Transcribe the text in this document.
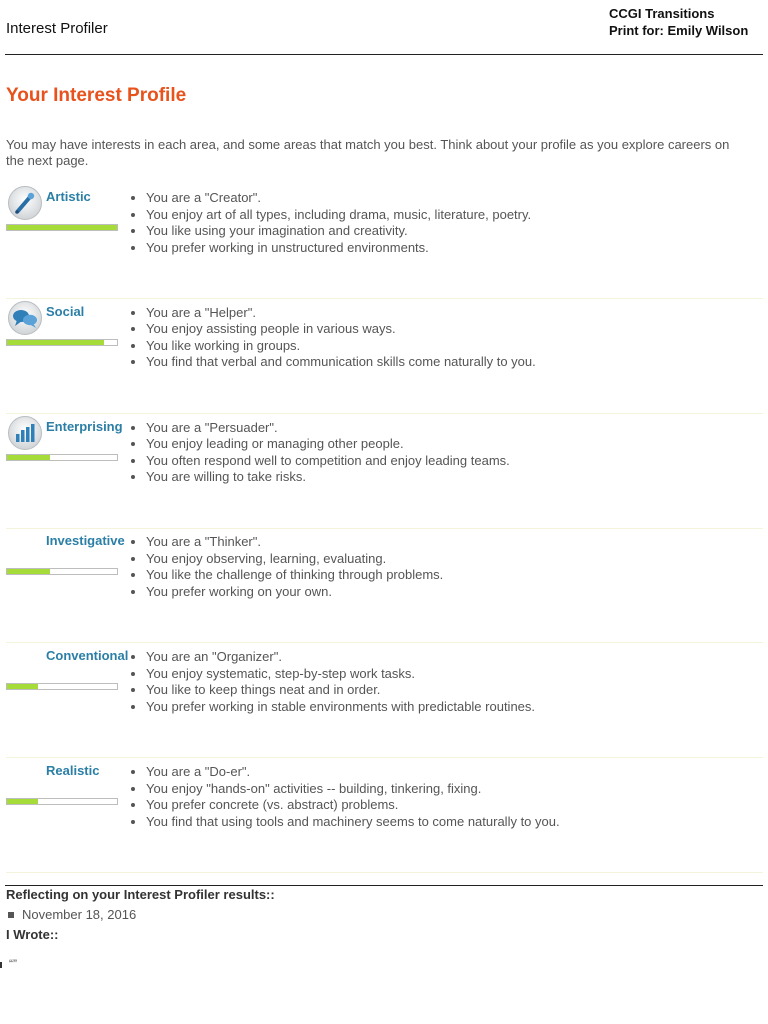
Interest Profiler
CCGI Transitions
Print for: Emily Wilson
Your Interest Profile
You may have interests in each area, and some areas that match you best. Think about your profile as you explore careers on the next page.
Artistic	• You are a "Creator".
• You enjoy art of all types, including drama, music, literature, poetry.
• You like using your imagination and creativity.
• You prefer working in unstructured environments.
Social	• You are a "Helper".
• You enjoy assisting people in various ways.
• You like working in groups.
• You find that verbal and communication skills come naturally to you.
Enterprising • You are a "Persuader".
• You enjoy leading or managing other people.
• You often respond well to competition and enjoy leading teams.
• You are willing to take risks.
Investigative • You are a "Thinker".
• You enjoy observing, learning, evaluating.
• You like the challenge of thinking through problems.
• You prefer working on your own.
Conventional • You are an "Organizer".
• You enjoy systematic, step-by-step work tasks.
• You like to keep things neat and in order.
• You prefer working in stable environments with predictable routines.
Realistic	• You are a "Do-er".
• You enjoy "hands-on" activities -- building, tinkering, fixing.
• You prefer concrete (vs. abstract) problems.
• You find that using tools and machinery seems to come naturally to you.
Reflecting on your Interest Profiler results::
November 18, 2016
I Wrote::
“”
